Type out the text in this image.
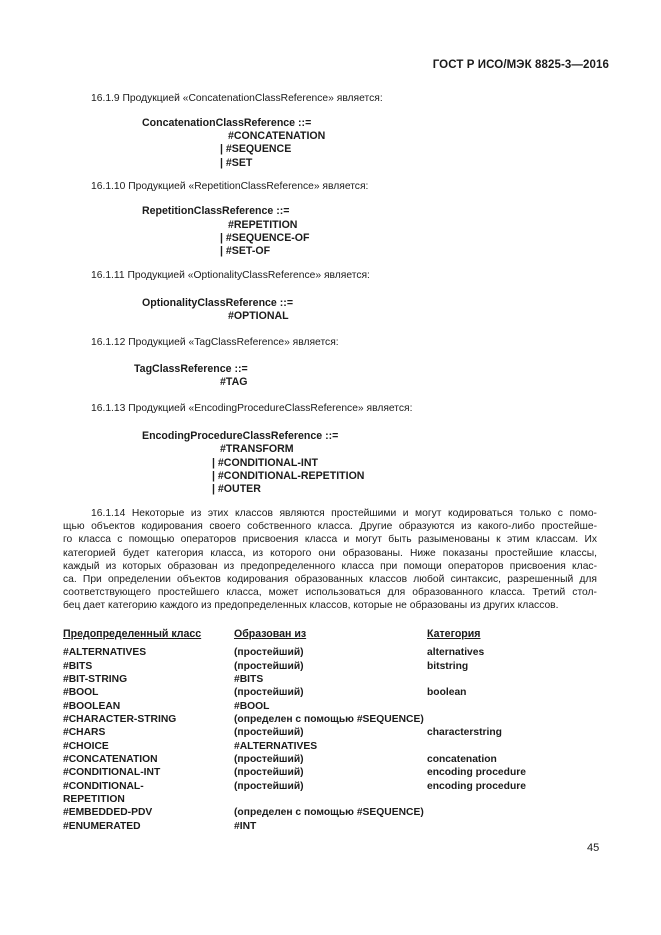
ГОСТ Р ИСО/МЭК 8825-3—2016
16.1.9 Продукцией «ConcatenationClassReference» является:
ConcatenationClassReference ::=
#CONCATENATION
| #SEQUENCE
| #SET
16.1.10 Продукцией «RepetitionClassReference» является:
RepetitionClassReference ::=
#REPETITION
| #SEQUENCE-OF
| #SET-OF
16.1.11 Продукцией «OptionalityClassReference» является:
OptionalityClassReference ::=
#OPTIONAL
16.1.12 Продукцией «TagClassReference» является:
TagClassReference ::=
#TAG
16.1.13 Продукцией «EncodingProcedureClassReference» является:
EncodingProcedureClassReference ::=
#TRANSFORM
| #CONDITIONAL-INT
| #CONDITIONAL-REPETITION
| #OUTER
16.1.14 Некоторые из этих классов являются простейшими и могут кодироваться только с помо-
щью объектов кодирования своего собственного класса. Другие образуются из какого-либо простейше-
го класса с помощью операторов присвоения класса и могут быть разыменованы к этим классам. Их
категорией будет категория класса, из которого они образованы. Ниже показаны простейшие классы,
каждый из которых образован из предопределенного класса при помощи операторов присвоения клас-
са. При определении объектов кодирования образованных классов любой синтаксис, разрешенный для
соответствующего простейшего класса, может использоваться для образованного класса. Третий стол-
бец дает категорию каждого из предопределенных классов, которые не образованы из других классов.
Предопределенный класс	Образован из	Категория
#ALTERNATIVES	(простейший)	alternatives
#BITS	(простейший)	bitstring
#BIT-STRING	#BITS
#BOOL	(простейший)	boolean
#BOOLEAN	#BOOL
#CHARACTER-STRING	(определен с помощью #SEQUENCE)
#CHARS	(простейший)	characterstring
#CHOICE	#ALTERNATIVES
#CONCATENATION	(простейший)	concatenation
#CONDITIONAL-INT	(простейший)	encoding procedure
#CONDITIONAL-	(простейший)	encoding procedure
REPETITION
#EMBEDDED-PDV	(определен с помощью #SEQUENCE)
#ENUMERATED	#INT
45
